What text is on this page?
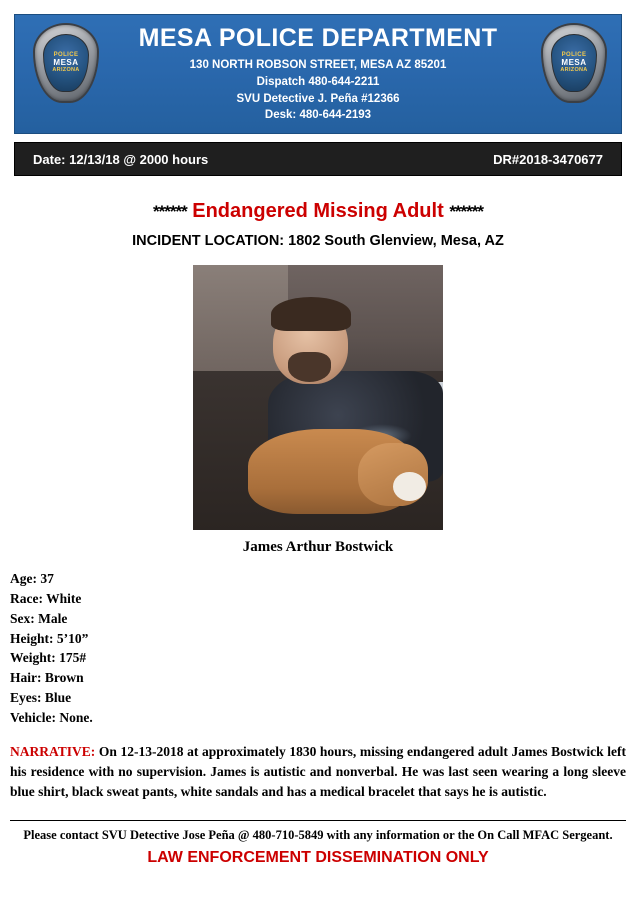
POLICE
MESA
ARIZONA
MESA POLICE DEPARTMENT
130 NORTH ROBSON STREET, MESA AZ 85201
Dispatch 480-644-2211
SVU Detective J. Peña #12366
Desk: 480-644-2193
POLICE
MESA
ARIZONA
Date: 12/13/18 @ 2000 hours	DR#2018-3470677
****** Endangered Missing Adult ******
INCIDENT LOCATION: 1802 South Glenview, Mesa, AZ
James Arthur Bostwick
Age: 37
Race: White
Sex: Male
Height: 5’10”
Weight: 175#
Hair: Brown
Eyes: Blue
Vehicle: None.
NARRATIVE: On 12-13-2018 at approximately 1830 hours, missing endangered adult James Bostwick left his residence with no supervision. James is autistic and nonverbal. He was last seen wearing a long sleeve blue shirt, black sweat pants, white sandals and has a medical bracelet that says he is autistic.
Please contact SVU Detective Jose Peña @ 480-710-5849 with any information or the On Call MFAC Sergeant.
LAW ENFORCEMENT DISSEMINATION ONLY
